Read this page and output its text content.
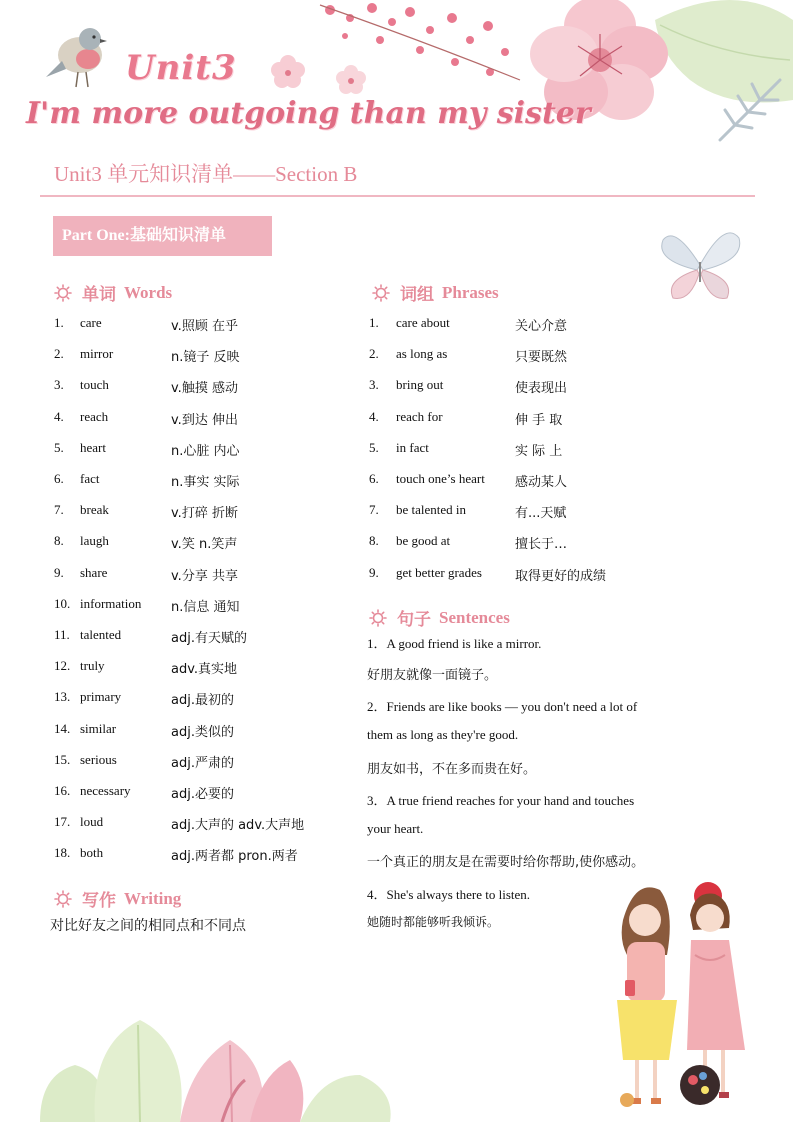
Unit3
I'm more outgoing than my sister
Unit3 单元知识清单——Section B
Part One:基础知识清单
单词 Words
1. care	v.照顾 在乎
2. mirror	n.镜子 反映
3. touch	v.触摸 感动
4. reach	v.到达 伸出
5. heart	n.心脏 内心
6. fact	n.事实 实际
7. break	v.打碎 折断
8. laugh	v.笑 n.笑声
9. share	v.分享 共享
10. information n.信息 通知
11. talented	adj.有天赋的
12. truly	adv.真实地
13. primary	adj.最初的
14. similar	adj.类似的
15. serious	adj.严肃的
16. necessary	adj.必要的
17. loud	adj.大声的 adv.大声地
18. both	adj.两者都 pron.两者
词组 Phrases
1. care about	关心介意
2. as long as	只要既然
3. bring out	使表现出
4. reach for	伸 手 取
5. in fact	实 际 上
6. touch one’s heart 感动某人
7. be talented in	有...天赋
8. be good at	擅长于…
9. get better grades	取得更好的成绩
句子 Sentences
1．A good friend is like a mirror.
好朋友就像一面镜子。
2．Friends are like books — you don't need a lot of
them as long as they're good.
朋友如书，不在多而贵在好。
3．A true friend reaches for your hand and touches
your heart.
一个真正的朋友是在需要时给你帮助,使你感动。
4．She's always there to listen.
她随时都能够听我倾诉。
写作 Writing
对比好友之间的相同点和不同点
